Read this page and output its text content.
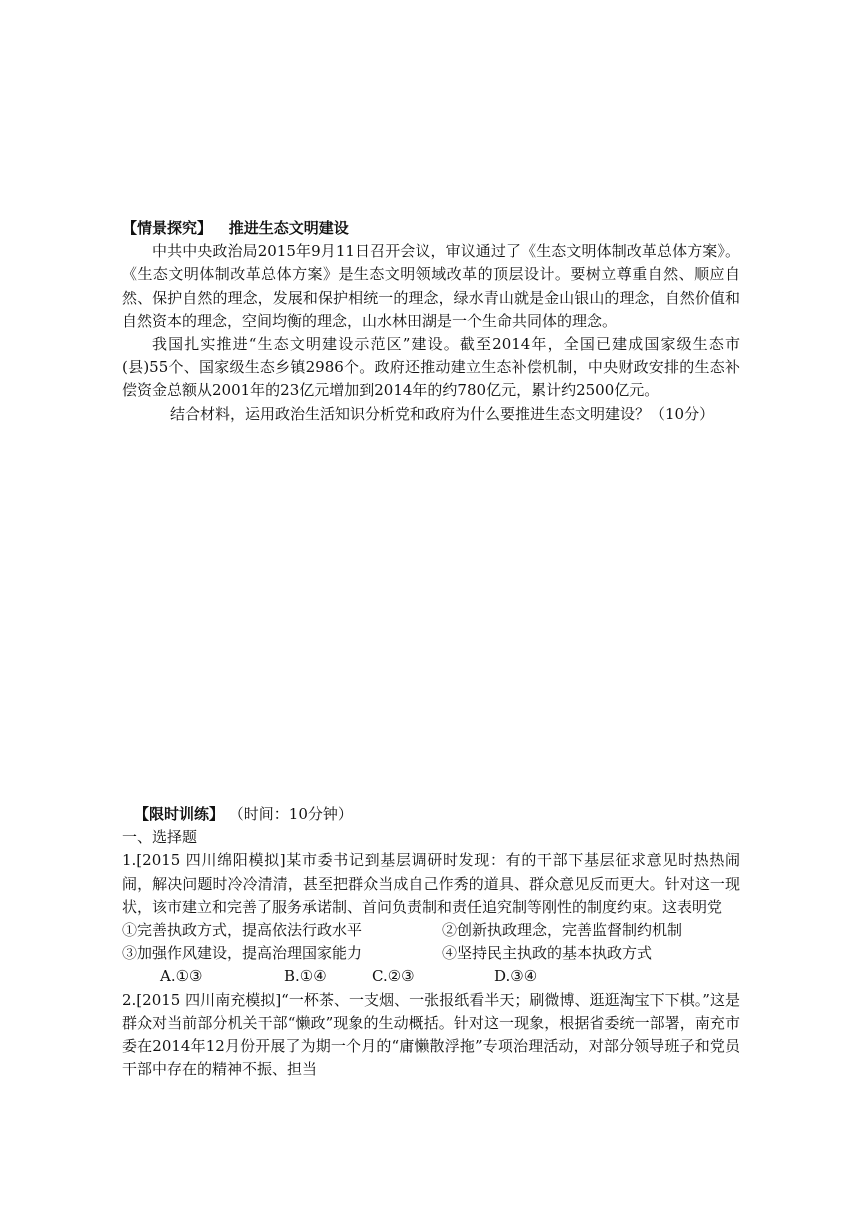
【情景探究】 推进生态文明建设
中共中央政治局2015年9月11日召开会议，审议通过了《生态文明体制改革总体方案》。《生态文明体制改革总体方案》是生态文明领域改革的顶层设计。要树立尊重自然、顺应自然、保护自然的理念，发展和保护相统一的理念，绿水青山就是金山银山的理念，自然价值和自然资本的理念，空间均衡的理念，山水林田湖是一个生命共同体的理念。
我国扎实推进“生态文明建设示范区”建设。截至2014年，全国已建成国家级生态市(县)55个、国家级生态乡镇2986个。政府还推动建立生态补偿机制，中央财政安排的生态补偿资金总额从2001年的23亿元增加到2014年的约780亿元，累计约2500亿元。
结合材料，运用政治生活知识分析党和政府为什么要推进生态文明建设？（10分）
【限时训练】 （时间：10分钟）
一、选择题
1.[2015 四川绵阳模拟]某市委书记到基层调研时发现：有的干部下基层征求意见时热热闹闹，解决问题时冷冷清清，甚至把群众当成自己作秀的道具、群众意见反而更大。针对这一现状，该市建立和完善了服务承诺制、首问负责制和责任追究制等刚性的制度约束。这表明党
①完善执政方式，提高依法行政水平	②创新执政理念，完善监督制约机制
③加强作风建设，提高治理国家能力	④坚持民主执政的基本执政方式
A.①③	B.①④	C.②③	D.③④
2.[2015 四川南充模拟]“一杯茶、一支烟、一张报纸看半天；刷微博、逛逛淘宝下下棋。”这是群众对当前部分机关干部“懒政”现象的生动概括。针对这一现象，根据省委统一部署，南充市委在2014年12月份开展了为期一个月的“庸懒散浮拖”专项治理活动，对部分领导班子和党员干部中存在的精神不振、担当
